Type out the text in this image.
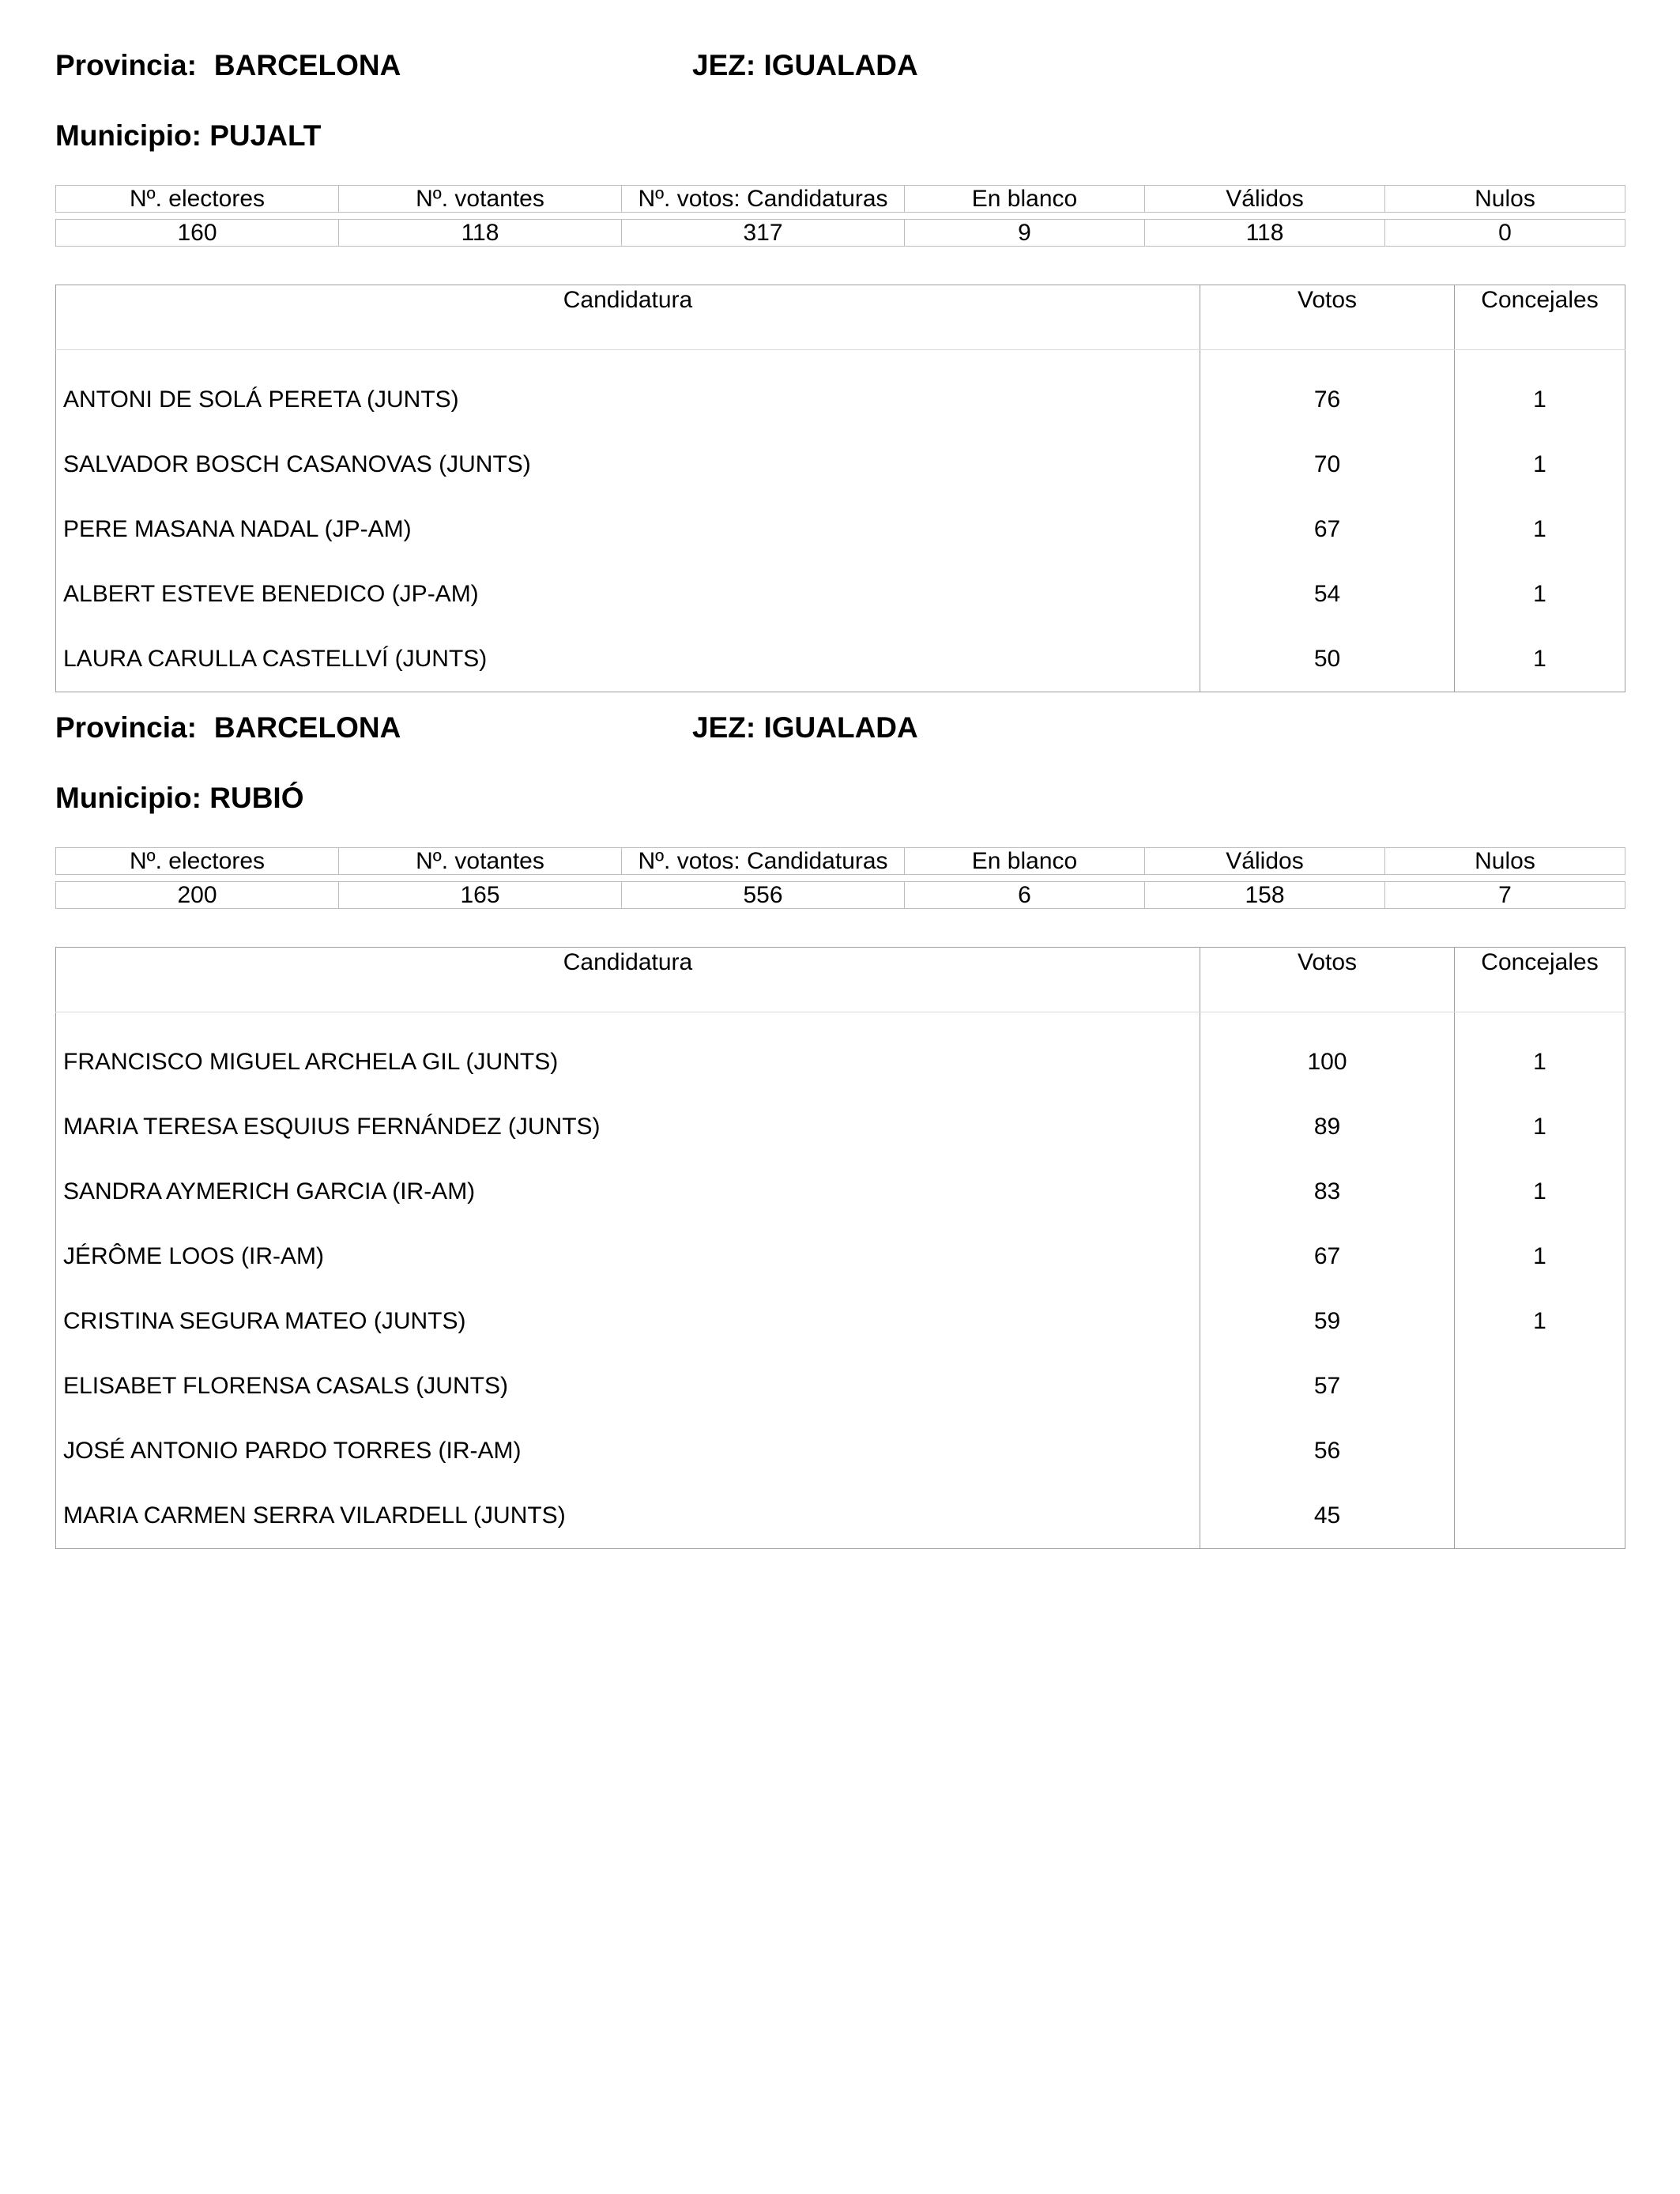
Provincia: BARCELONA	JEZ: IGUALADA
Municipio: PUJALT
Nº. electores	Nº. votantes	Nº. votos: Candidaturas	En blanco	Válidos	Nulos

160	118	317	9	118	0
Candidatura	Votos	Concejales
ANTONI DE SOLÁ PERETA (JUNTS)	76	1
SALVADOR BOSCH CASANOVAS (JUNTS)	70	1
PERE MASANA NADAL (JP-AM)	67	1
ALBERT ESTEVE BENEDICO (JP-AM)	54	1
LAURA CARULLA CASTELLVÍ (JUNTS)	50	1
Provincia: BARCELONA	JEZ: IGUALADA
Municipio: RUBIÓ
Nº. electores	Nº. votantes	Nº. votos: Candidaturas	En blanco	Válidos	Nulos

200	165	556	6	158	7
Candidatura	Votos	Concejales
FRANCISCO MIGUEL ARCHELA GIL (JUNTS)	100	1
MARIA TERESA ESQUIUS FERNÁNDEZ (JUNTS)	89	1
SANDRA AYMERICH GARCIA (IR-AM)	83	1
JÉRÔME LOOS (IR-AM)	67	1
CRISTINA SEGURA MATEO (JUNTS)	59	1
ELISABET FLORENSA CASALS (JUNTS)	57	
JOSÉ ANTONIO PARDO TORRES (IR-AM)	56	
MARIA CARMEN SERRA VILARDELL (JUNTS)	45	
